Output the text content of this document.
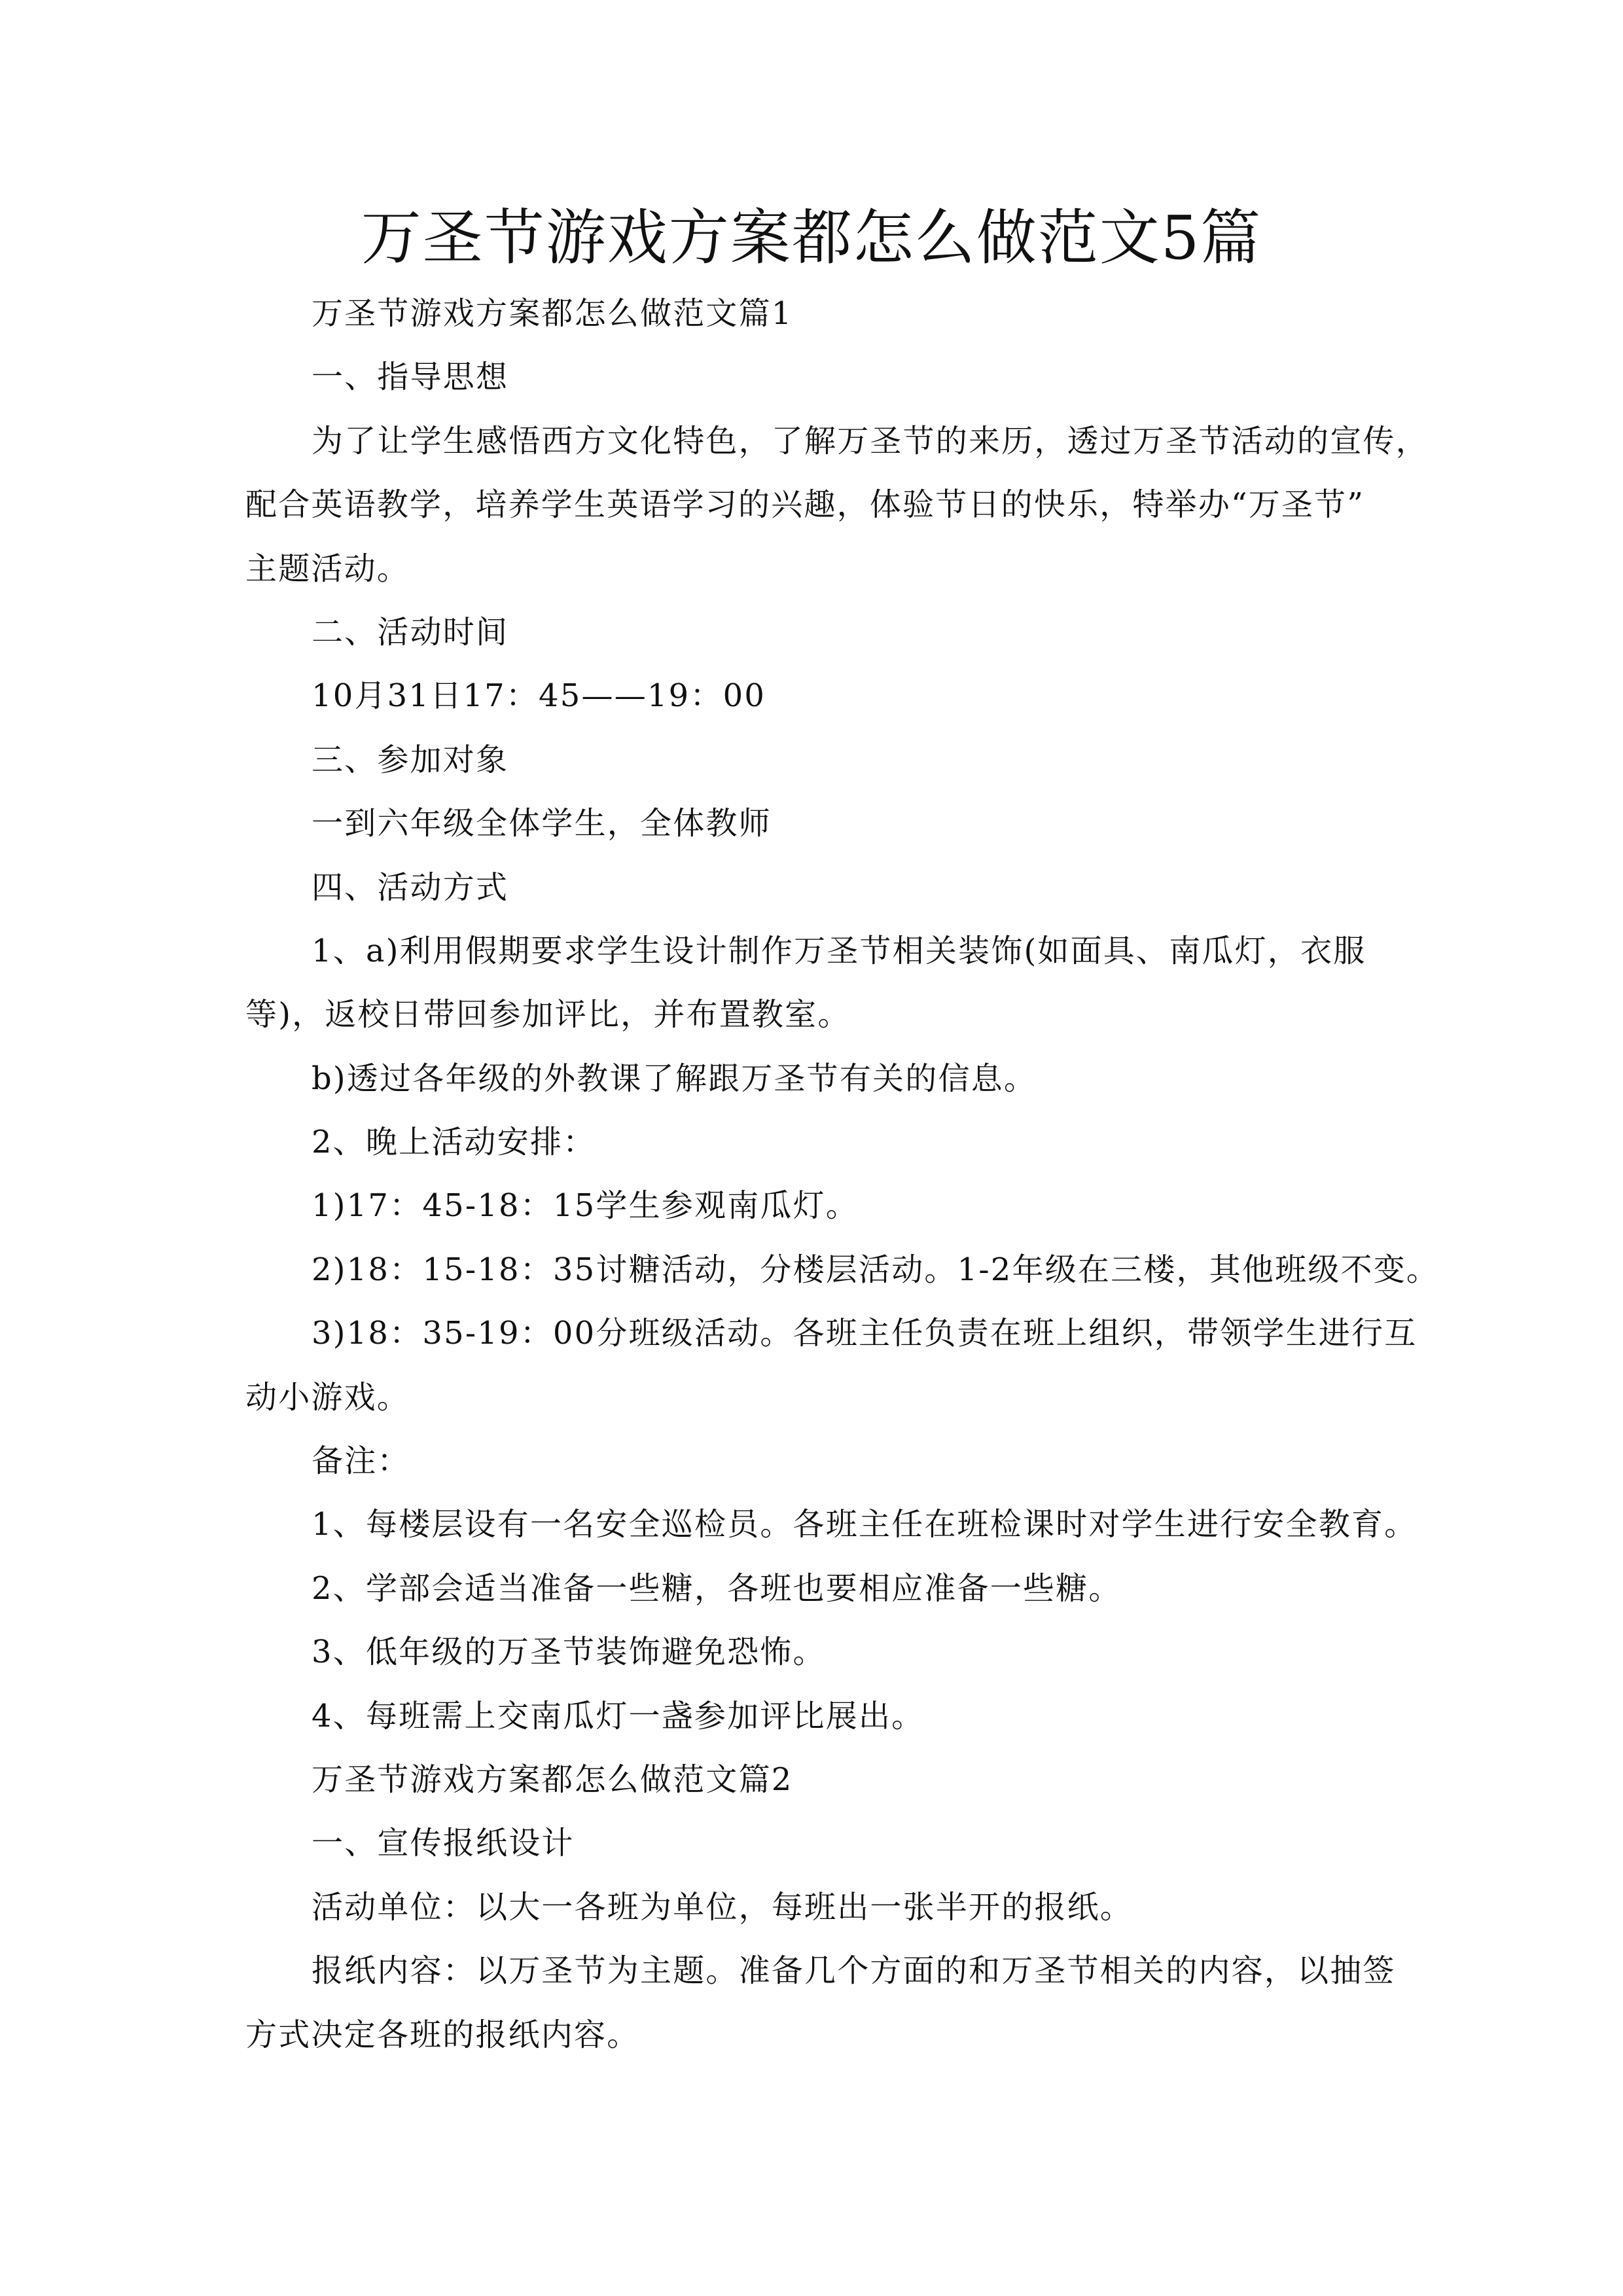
万圣节游戏方案都怎么做范文5篇
万圣节游戏方案都怎么做范文篇1
一、指导思想
为了让学生感悟西方文化特色，了解万圣节的来历，透过万圣节活动的宣传，
配合英语教学，培养学生英语学习的兴趣，体验节日的快乐，特举办“万圣节”
主题活动。
二、活动时间
10月31日17：45——19：00
三、参加对象
一到六年级全体学生，全体教师
四、活动方式
1、a)利用假期要求学生设计制作万圣节相关装饰(如面具、南瓜灯，衣服
等)，返校日带回参加评比，并布置教室。
b)透过各年级的外教课了解跟万圣节有关的信息。
2、晚上活动安排：
1)17：45-18：15学生参观南瓜灯。
2)18：15-18：35讨糖活动，分楼层活动。1-2年级在三楼，其他班级不变。
3)18：35-19：00分班级活动。各班主任负责在班上组织，带领学生进行互
动小游戏。
备注：
1、每楼层设有一名安全巡检员。各班主任在班检课时对学生进行安全教育。
2、学部会适当准备一些糖，各班也要相应准备一些糖。
3、低年级的万圣节装饰避免恐怖。
4、每班需上交南瓜灯一盏参加评比展出。
万圣节游戏方案都怎么做范文篇2
一、宣传报纸设计
活动单位：以大一各班为单位，每班出一张半开的报纸。
报纸内容：以万圣节为主题。准备几个方面的和万圣节相关的内容，以抽签
方式决定各班的报纸内容。
